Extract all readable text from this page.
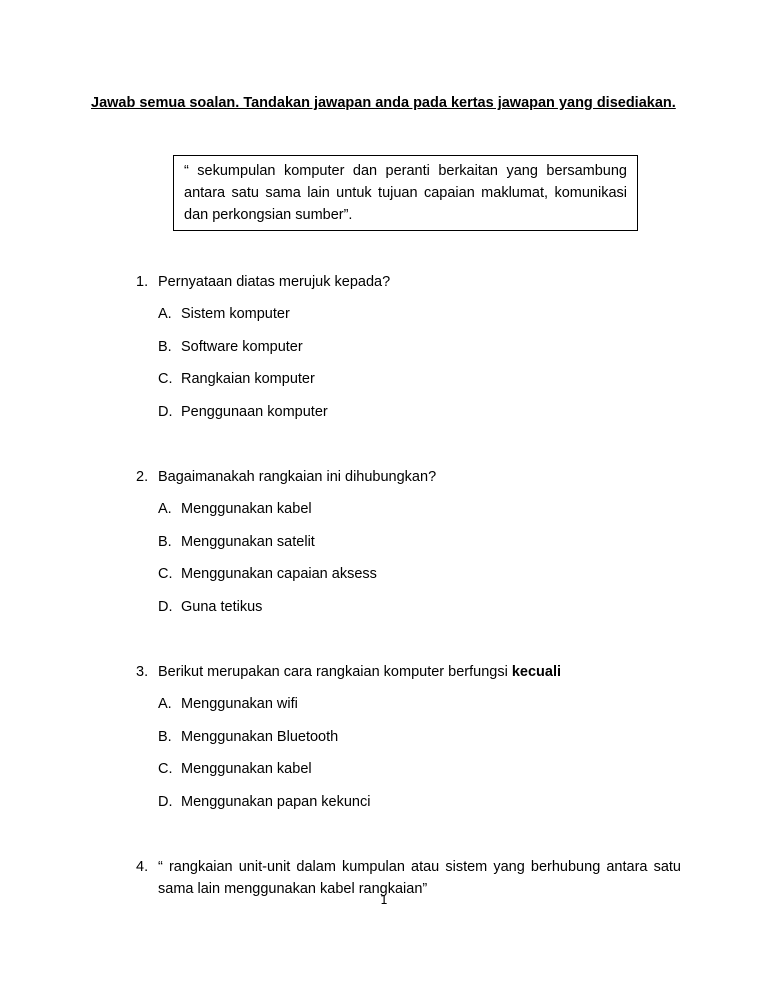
Jawab semua soalan. Tandakan jawapan anda pada kertas jawapan yang disediakan.

“ sekumpulan komputer dan peranti berkaitan yang bersambung antara satu sama lain untuk tujuan capaian maklumat, komunikasi dan perkongsian sumber”.

1. Pernyataan diatas merujuk kepada?
A. Sistem komputer
B. Software komputer
C. Rangkaian komputer
D. Penggunaan komputer
2. Bagaimanakah rangkaian ini dihubungkan?
A. Menggunakan kabel
B. Menggunakan satelit
C. Menggunakan capaian aksess
D. Guna tetikus
3. Berikut merupakan cara rangkaian komputer berfungsi kecuali
A. Menggunakan wifi
B. Menggunakan Bluetooth
C. Menggunakan kabel
D. Menggunakan papan kekunci
4. “ rangkaian unit-unit dalam kumpulan atau sistem yang berhubung antara satu sama lain menggunakan kabel rangkaian”
1
